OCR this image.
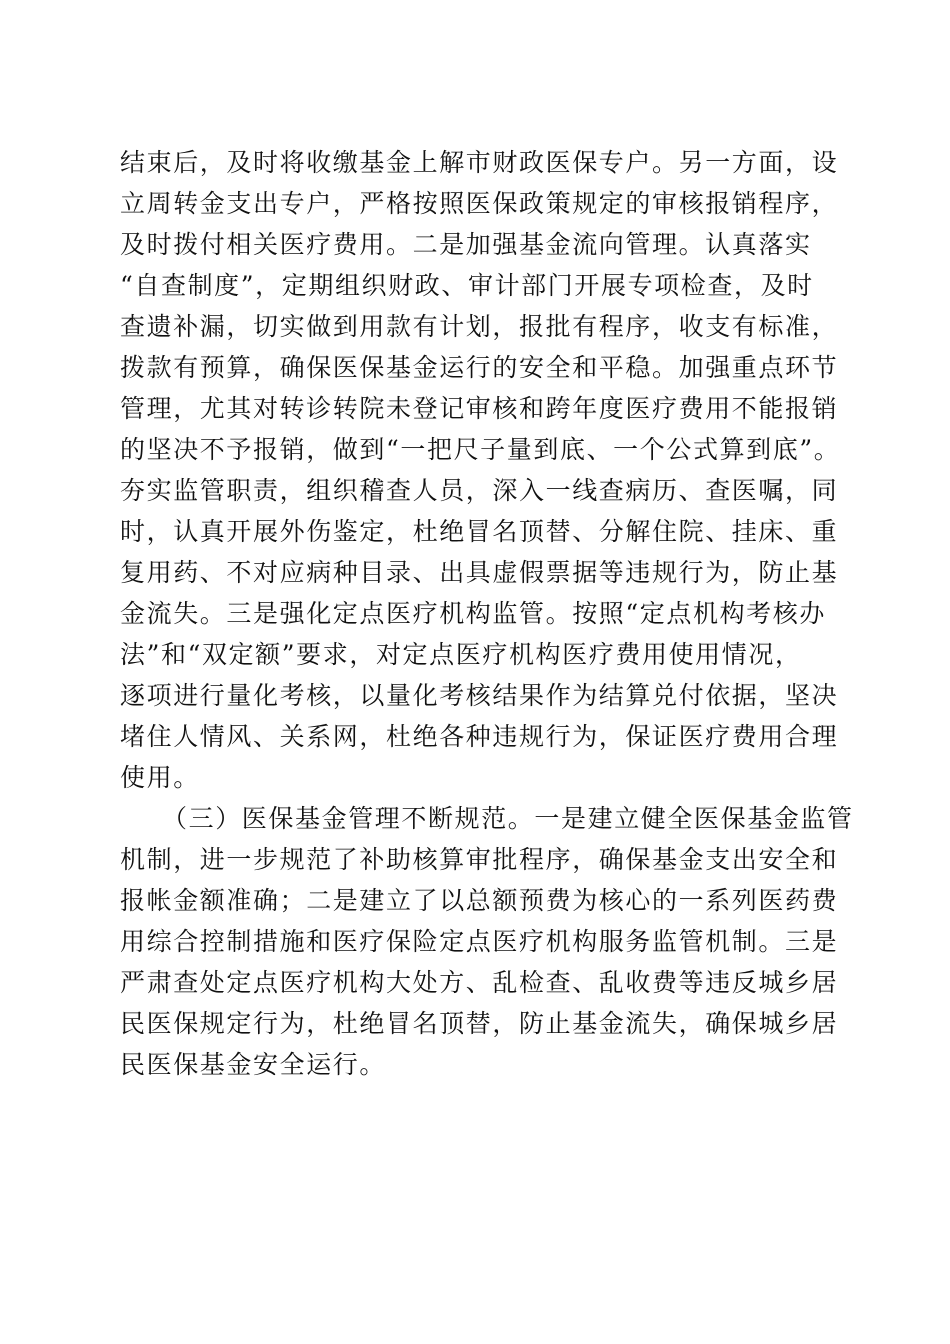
结束后，及时将收缴基金上解市财政医保专户。另一方面，设
立周转金支出专户，严格按照医保政策规定的审核报销程序，
及时拨付相关医疗费用。二是加强基金流向管理。认真落实
“自查制度”，定期组织财政、审计部门开展专项检查，及时
查遗补漏，切实做到用款有计划，报批有程序，收支有标准，
拨款有预算，确保医保基金运行的安全和平稳。加强重点环节
管理，尤其对转诊转院未登记审核和跨年度医疗费用不能报销
的坚决不予报销，做到“一把尺子量到底、一个公式算到底”。
夯实监管职责，组织稽查人员，深入一线查病历、查医嘱，同
时，认真开展外伤鉴定，杜绝冒名顶替、分解住院、挂床、重
复用药、不对应病种目录、出具虚假票据等违规行为，防止基
金流失。三是强化定点医疗机构监管。按照“定点机构考核办
法”和“双定额”要求，对定点医疗机构医疗费用使用情况，
逐项进行量化考核，以量化考核结果作为结算兑付依据，坚决
堵住人情风、关系网，杜绝各种违规行为，保证医疗费用合理
使用。
（三）医保基金管理不断规范。一是建立健全医保基金监管
机制，进一步规范了补助核算审批程序，确保基金支出安全和
报帐金额准确；二是建立了以总额预费为核心的一系列医药费
用综合控制措施和医疗保险定点医疗机构服务监管机制。三是
严肃查处定点医疗机构大处方、乱检查、乱收费等违反城乡居
民医保规定行为，杜绝冒名顶替，防止基金流失，确保城乡居
民医保基金安全运行。
